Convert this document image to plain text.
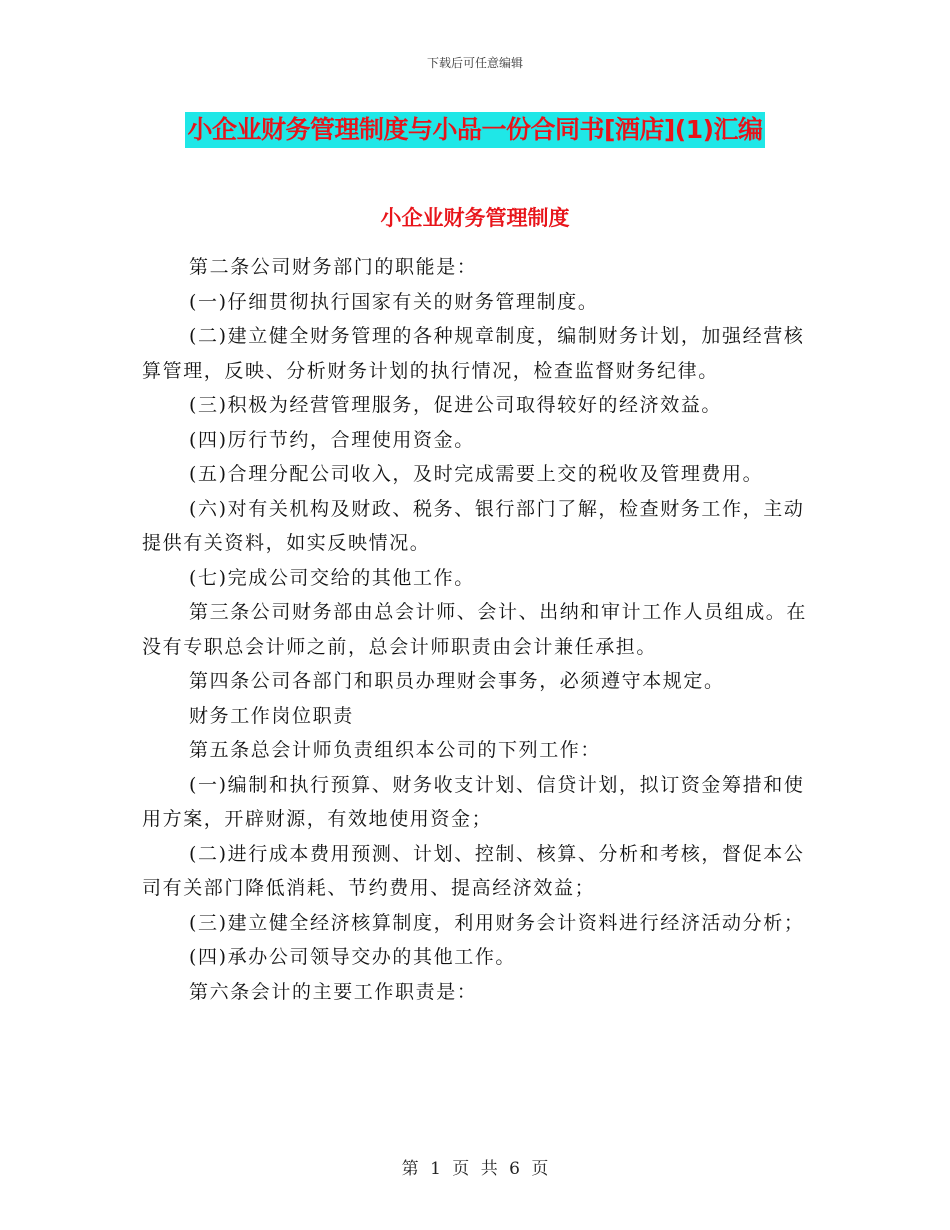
下载后可任意编辑
小企业财务管理制度与小品一份合同书[酒店](1)汇编
小企业财务管理制度

第二条公司财务部门的职能是：

(一)仔细贯彻执行国家有关的财务管理制度。

(二)建立健全财务管理的各种规章制度，编制财务计划，加强经营核算管理，反映、分析财务计划的执行情况，检查监督财务纪律。

(三)积极为经营管理服务，促进公司取得较好的经济效益。

(四)厉行节约，合理使用资金。

(五)合理分配公司收入，及时完成需要上交的税收及管理费用。

(六)对有关机构及财政、税务、银行部门了解，检查财务工作，主动提供有关资料，如实反映情况。

(七)完成公司交给的其他工作。

第三条公司财务部由总会计师、会计、出纳和审计工作人员组成。在没有专职总会计师之前，总会计师职责由会计兼任承担。

第四条公司各部门和职员办理财会事务，必须遵守本规定。

财务工作岗位职责

第五条总会计师负责组织本公司的下列工作：

(一)编制和执行预算、财务收支计划、信贷计划，拟订资金筹措和使用方案，开辟财源，有效地使用资金；

(二)进行成本费用预测、计划、控制、核算、分析和考核，督促本公司有关部门降低消耗、节约费用、提高经济效益；

(三)建立健全经济核算制度，利用财务会计资料进行经济活动分析；

(四)承办公司领导交办的其他工作。

第六条会计的主要工作职责是：

第 1 页 共 6 页
